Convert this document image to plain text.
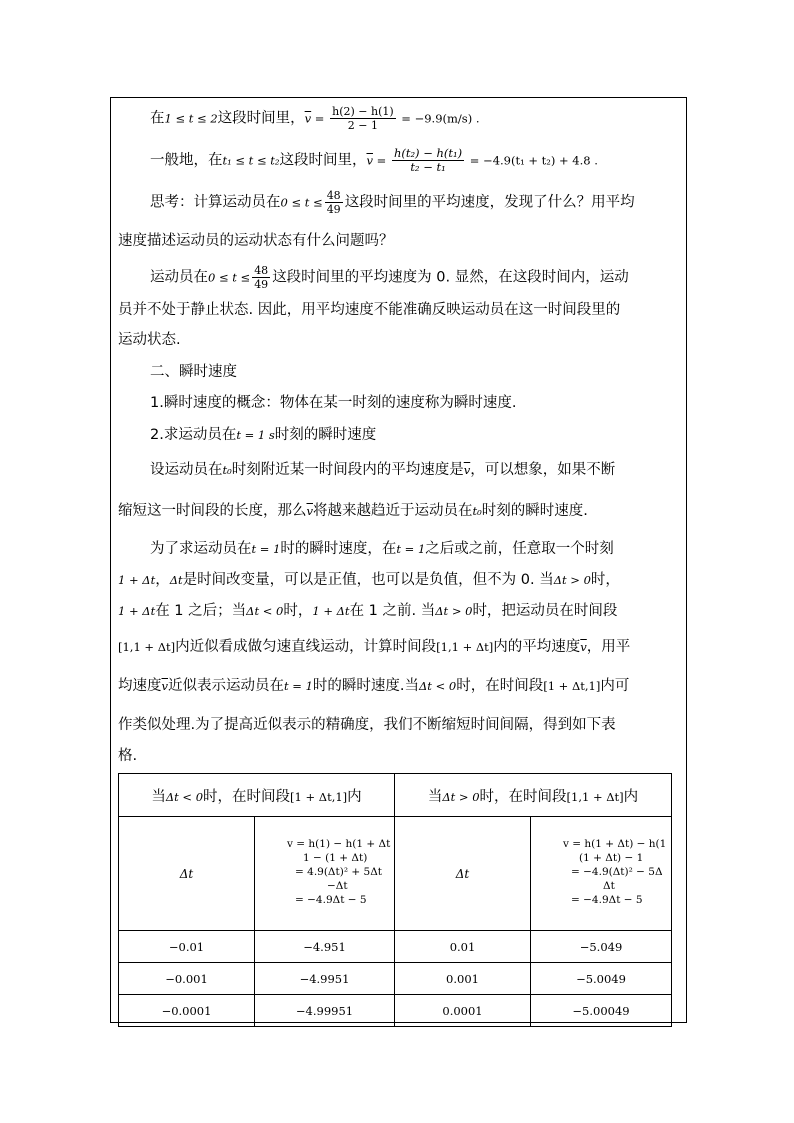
在1 ≤ t ≤ 2这段时间里，$\overline{v} = \frac{h(2) - h(1)}{2 - 1} = -9.9(m/s)$ .
一般地，在t₁ ≤ t ≤ t₂这段时间里，$\overline{v} = \frac{\text{h(t₂) − h(t₁)}}{\text{t₂ − t₁}} = -4.9(t_1 + t_2) + 4.8$ .
思考：计算运动员在$0 \le t \le \frac{48}{49}$ 这段时间里的平均速度，发现了什么？用平均
速度描述运动员的运动状态有什么问题吗？
运动员在$0 \le t \le \frac{48}{49}$ 这段时间里的平均速度为 0. 显然，在这段时间内，运动
员并不处于静止状态. 因此，用平均速度不能准确反映运动员在这一时间段里的
运动状态.
二、瞬时速度
1.瞬时速度的概念：物体在某一时刻的速度称为瞬时速度.
2.求运动员在t = 1 s时刻的瞬时速度
设运动员在t₀时刻附近某一时间段内的平均速度是$\overline{v}$，可以想象，如果不断
缩短这一时间段的长度，那么$\overline{v}$将越来越趋近于运动员在t₀时刻的瞬时速度.
为了求运动员在t = 1时的瞬时速度，在t = 1之后或之前，任意取一个时刻
1 + Δt，Δt是时间改变量，可以是正值，也可以是负值，但不为 0. 当Δt > 0时，
1 + Δt在 1 之后；当Δt < 0时，1 + Δt在 1 之前. 当Δt > 0时，把运动员在时间段
[1,1 + Δt]内近似看成做匀速直线运动，计算时间段[1,1 + Δt]内的平均速度$\overline{v}$，用平
均速度$\overline{v}$近似表示运动员在t = 1时的瞬时速度.当Δt < 0时，在时间段[1 + Δt,1]内可
作类似处理.为了提高近似表示的精确度，我们不断缩短时间间隔，得到如下表
格.
当Δt < 0时，在时间段[1 + Δt,1]内		当Δt > 0时，在时间段[1,1 + Δt]内	
Δt	v = h(1) − h(1 + Δt
1 − (1 + Δt)
= 4.9(Δt)² + 5Δt
−Δt
= −4.9Δt − 5	Δt	v = h(1 + Δt) − h(1
(1 + Δt) − 1
= −4.9(Δt)² − 5Δ
Δt
= −4.9Δt − 5

−0.01	−4.951	0.01	−5.049
−0.001	−4.9951	0.001	−5.0049
−0.0001	−4.99951	0.0001	−5.00049
